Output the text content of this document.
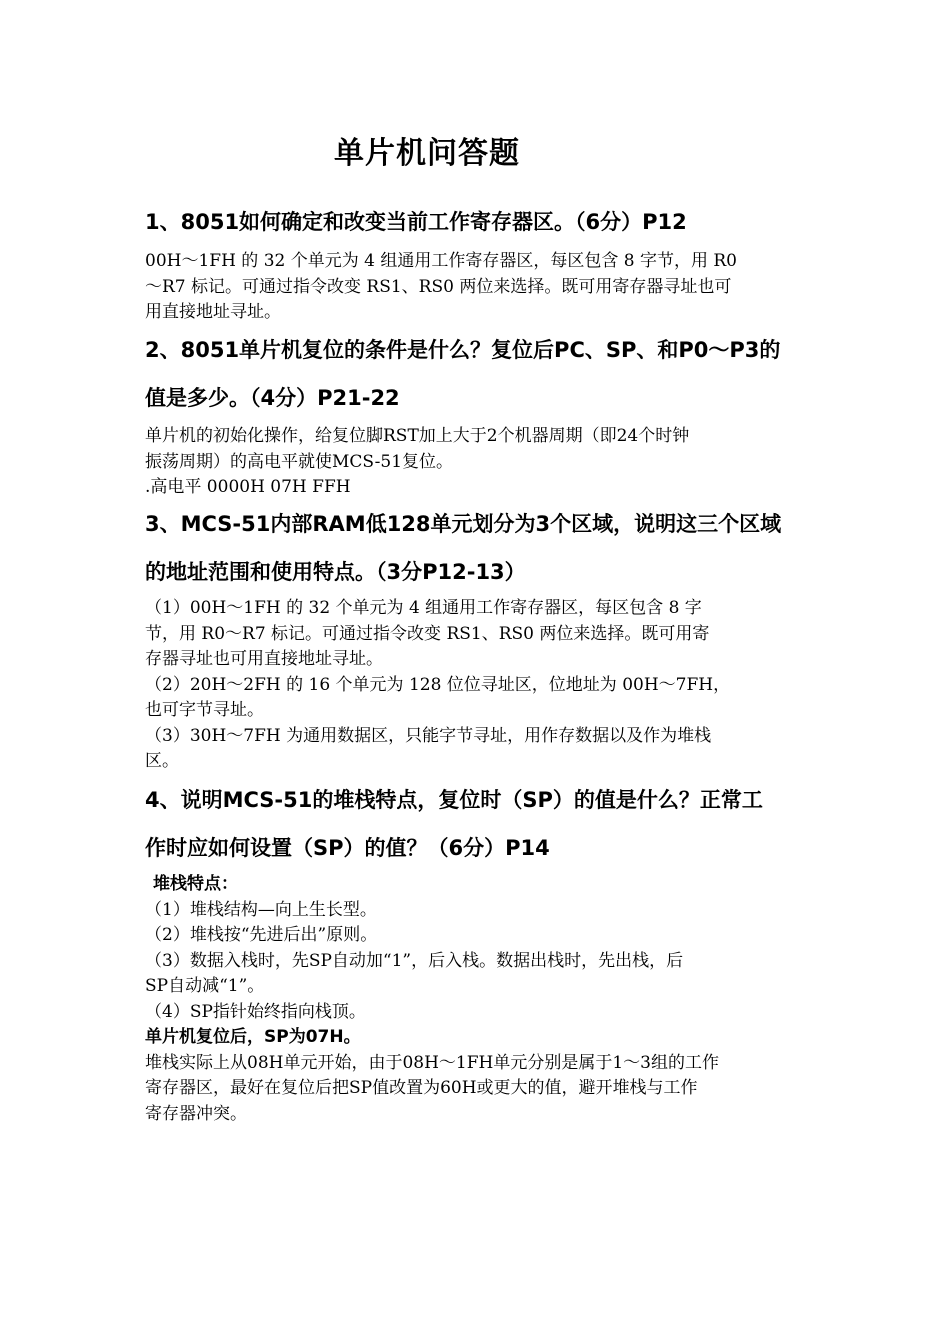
单片机问答题
1、8051如何确定和改变当前工作寄存器区。（6分）P12
00H～1FH 的 32 个单元为 4 组通用工作寄存器区，每区包含 8 字节，用 R0
～R7 标记。可通过指令改变 RS1、RS0 两位来选择。既可用寄存器寻址也可
用直接地址寻址。
2、8051单片机复位的条件是什么？复位后PC、SP、和P0～P3的
值是多少。（4分）P21-22
单片机的初始化操作，给复位脚RST加上大于2个机器周期（即24个时钟
振荡周期）的高电平就使MCS-51复位。
.高电平 0000H 07H FFH
3、MCS-51内部RAM低128单元划分为3个区域，说明这三个区域
的地址范围和使用特点。（3分P12-13）
（1）00H～1FH 的 32 个单元为 4 组通用工作寄存器区，每区包含 8 字
节，用 R0～R7 标记。可通过指令改变 RS1、RS0 两位来选择。既可用寄
存器寻址也可用直接地址寻址。
（2）20H～2FH 的 16 个单元为 128 位位寻址区，位地址为 00H～7FH，
也可字节寻址。
（3）30H～7FH 为通用数据区，只能字节寻址，用作存数据以及作为堆栈
区。
4、说明MCS-51的堆栈特点，复位时（SP）的值是什么？正常工
作时应如何设置（SP）的值？（6分）P14
堆栈特点：
（1）堆栈结构—向上生长型。
（2）堆栈按“先进后出”原则。
（3）数据入栈时，先SP自动加“1”，后入栈。数据出栈时，先出栈，后
SP自动减“1”。
（4）SP指针始终指向栈顶。
单片机复位后，SP为07H。
堆栈实际上从08H单元开始，由于08H～1FH单元分别是属于1～3组的工作
寄存器区，最好在复位后把SP值改置为60H或更大的值，避开堆栈与工作
寄存器冲突。
